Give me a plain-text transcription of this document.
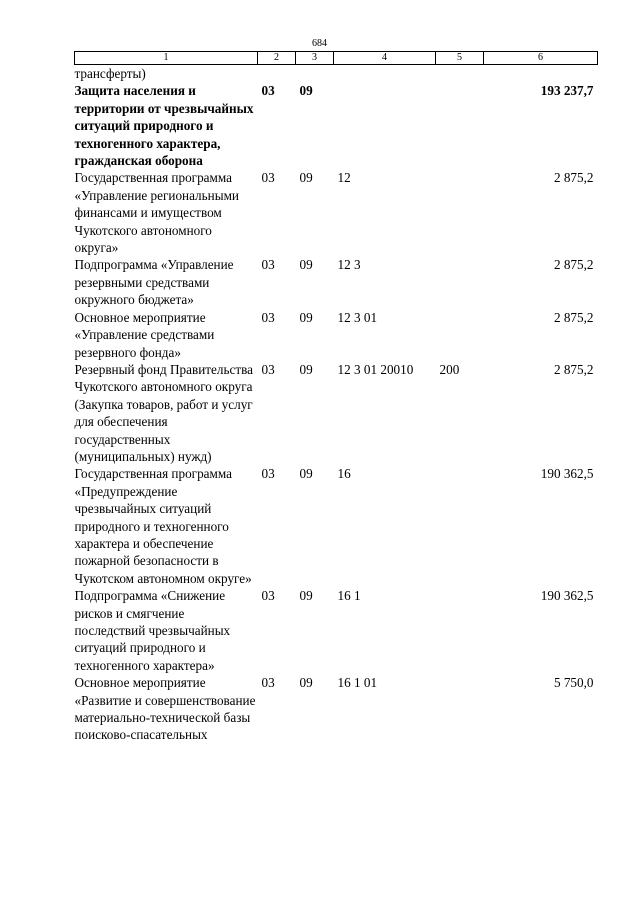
684
1	2	3	4	5	6
трансферты)					
Защита населения и территории от чрезвычайных ситуаций природного и техногенного характера, гражданская оборона	03	09			193 237,7
Государственная программа «Управление региональными финансами и имуществом Чукотского автономного округа»	03	09	12		2 875,2
Подпрограмма «Управление резервными средствами окружного бюджета»	03	09	12 3		2 875,2
Основное мероприятие «Управление средствами резервного фонда»	03	09	12 3 01		2 875,2
Резервный фонд Правительства Чукотского автономного округа (Закупка товаров, работ и услуг для обеспечения государственных (муниципальных) нужд)	03	09	12 3 01 20010	200	2 875,2
Государственная программа «Предупреждение чрезвычайных ситуаций природного и техногенного характера и обеспечение пожарной безопасности в Чукотском автономном округе»	03	09	16		190 362,5
Подпрограмма «Снижение рисков и смягчение последствий чрезвычайных ситуаций природного и техногенного характера»	03	09	16 1		190 362,5
Основное мероприятие «Развитие и совершенствование материально-технической базы поисково-спасательных	03	09	16 1 01		5 750,0
